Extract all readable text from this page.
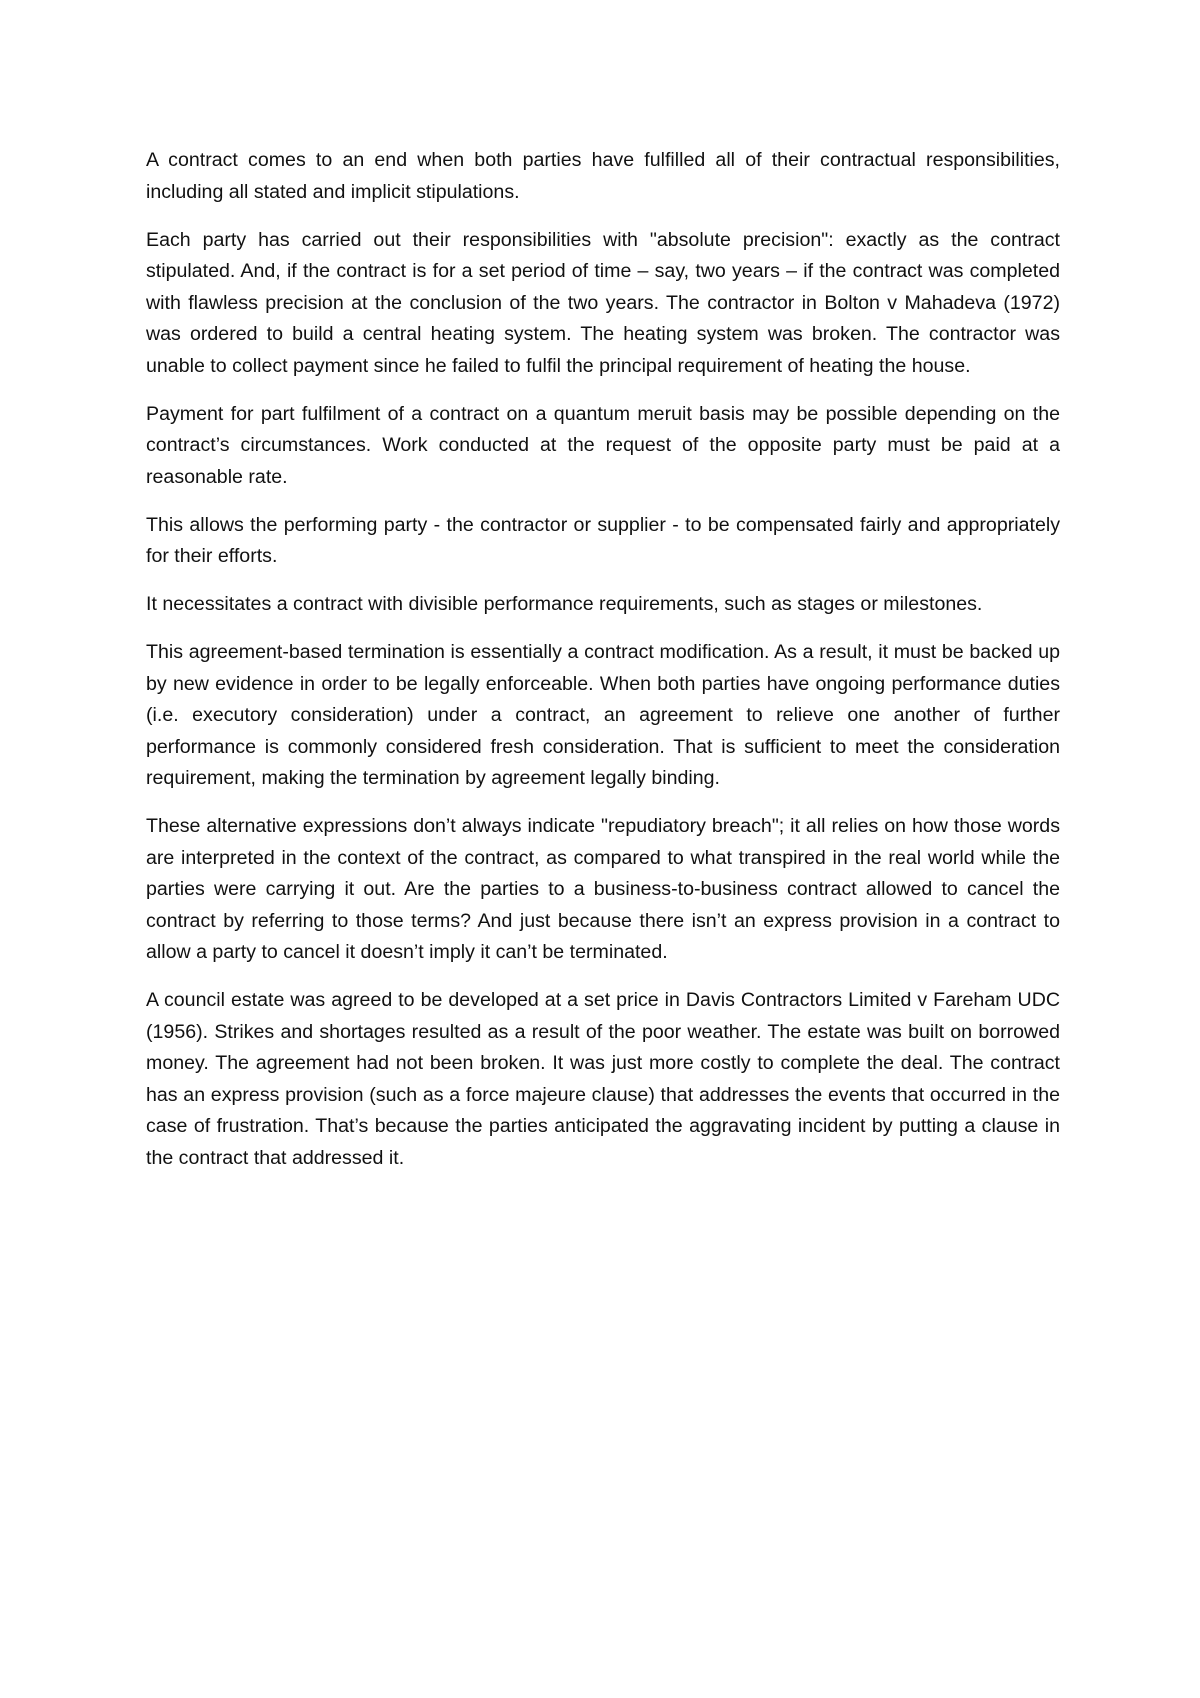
A contract comes to an end when both parties have fulfilled all of their contractual responsibilities, including all stated and implicit stipulations.

Each party has carried out their responsibilities with "absolute precision": exactly as the contract stipulated. And, if the contract is for a set period of time – say, two years – if the contract was completed with flawless precision at the conclusion of the two years. The contractor in Bolton v Mahadeva (1972) was ordered to build a central heating system. The heating system was broken. The contractor was unable to collect payment since he failed to fulfil the principal requirement of heating the house.

Payment for part fulfilment of a contract on a quantum meruit basis may be possible depending on the contract’s circumstances. Work conducted at the request of the opposite party must be paid at a reasonable rate.

This allows the performing party - the contractor or supplier - to be compensated fairly and appropriately for their efforts.

It necessitates a contract with divisible performance requirements, such as stages or milestones.

This agreement-based termination is essentially a contract modification. As a result, it must be backed up by new evidence in order to be legally enforceable. When both parties have ongoing performance duties (i.e. executory consideration) under a contract, an agreement to relieve one another of further performance is commonly considered fresh consideration. That is sufficient to meet the consideration requirement, making the termination by agreement legally binding.

These alternative expressions don’t always indicate "repudiatory breach"; it all relies on how those words are interpreted in the context of the contract, as compared to what transpired in the real world while the parties were carrying it out. Are the parties to a business-to-business contract allowed to cancel the contract by referring to those terms? And just because there isn’t an express provision in a contract to allow a party to cancel it doesn’t imply it can’t be terminated.

A council estate was agreed to be developed at a set price in Davis Contractors Limited v Fareham UDC (1956). Strikes and shortages resulted as a result of the poor weather. The estate was built on borrowed money. The agreement had not been broken. It was just more costly to complete the deal. The contract has an express provision (such as a force majeure clause) that addresses the events that occurred in the case of frustration. That’s because the parties anticipated the aggravating incident by putting a clause in the contract that addressed it.
